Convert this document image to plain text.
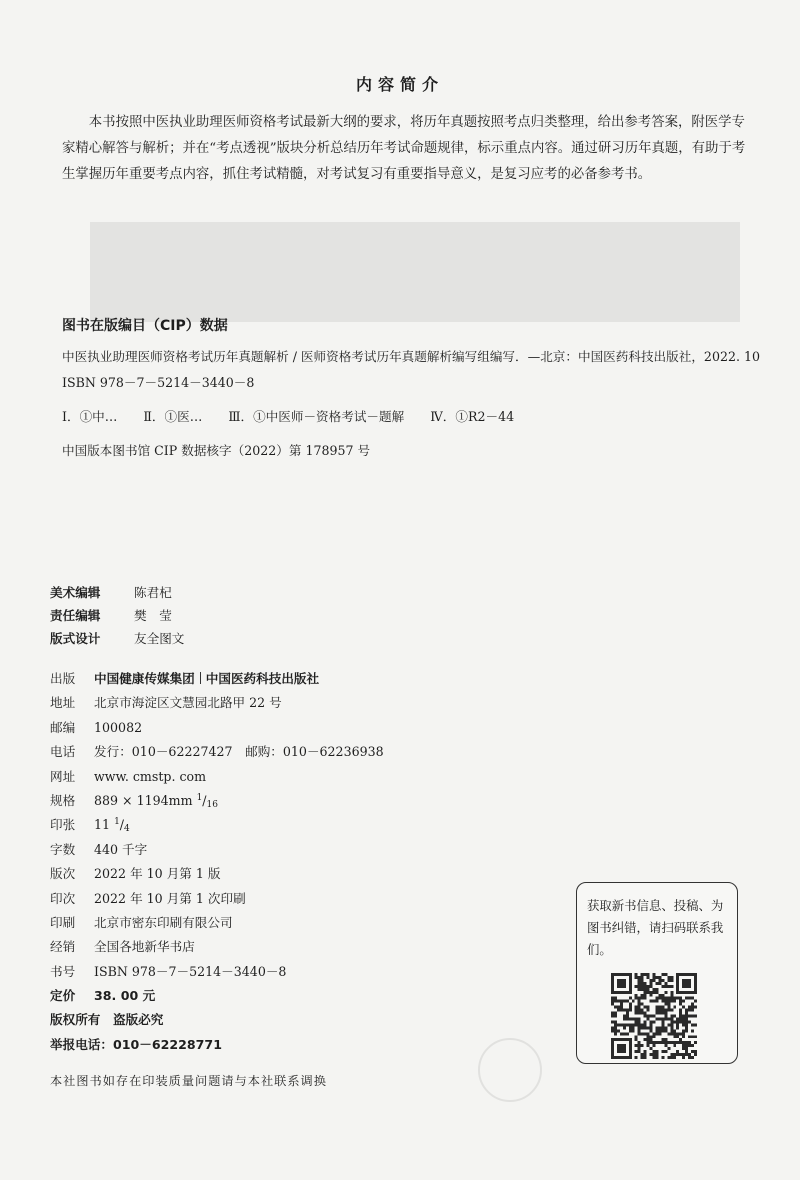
内容简介
本书按照中医执业助理医师资格考试最新大纲的要求，将历年真题按照考点归类整理，给出参考答案，附医学专家精心解答与解析；并在“考点透视”版块分析总结历年考试命题规律，标示重点内容。通过研习历年真题，有助于考生掌握历年重要考点内容，抓住考试精髓，对考试复习有重要指导意义，是复习应考的必备参考书。
图书在版编目（CIP）数据
中医执业助理医师资格考试历年真题解析 / 医师资格考试历年真题解析编写组编写．—北京：中国医药科技出版社，2022. 10
ISBN 978－7－5214－3440－8
Ⅰ．①中… Ⅱ．①医… Ⅲ．①中医师－资格考试－题解 Ⅳ．①R2－44
中国版本图书馆 CIP 数据核字（2022）第 178957 号
美术编辑	陈君杞
责任编辑	樊　莹
版式设计	友全图文
出版 中国健康传媒集团 中国医药科技出版社
地址 北京市海淀区文慧园北路甲 22 号
邮编 100082
电话 发行：010－62227427　邮购：010－62236938
网址 www. cmstp. com
规格 889 × 1194mm $^1/_{16}$
印张 11 $^1/_4$
字数 440 千字
版次 2022 年 10 月第 1 版
印次 2022 年 10 月第 1 次印刷
印刷 北京市密东印刷有限公司
经销 全国各地新华书店
书号 ISBN 978－7－5214－3440－8
定价 38. 00 元
版权所有　盗版必究
举报电话：010－62228771
本社图书如存在印装质量问题请与本社联系调换
获取新书信息、投稿、为图书纠错，请扫码联系我们。
